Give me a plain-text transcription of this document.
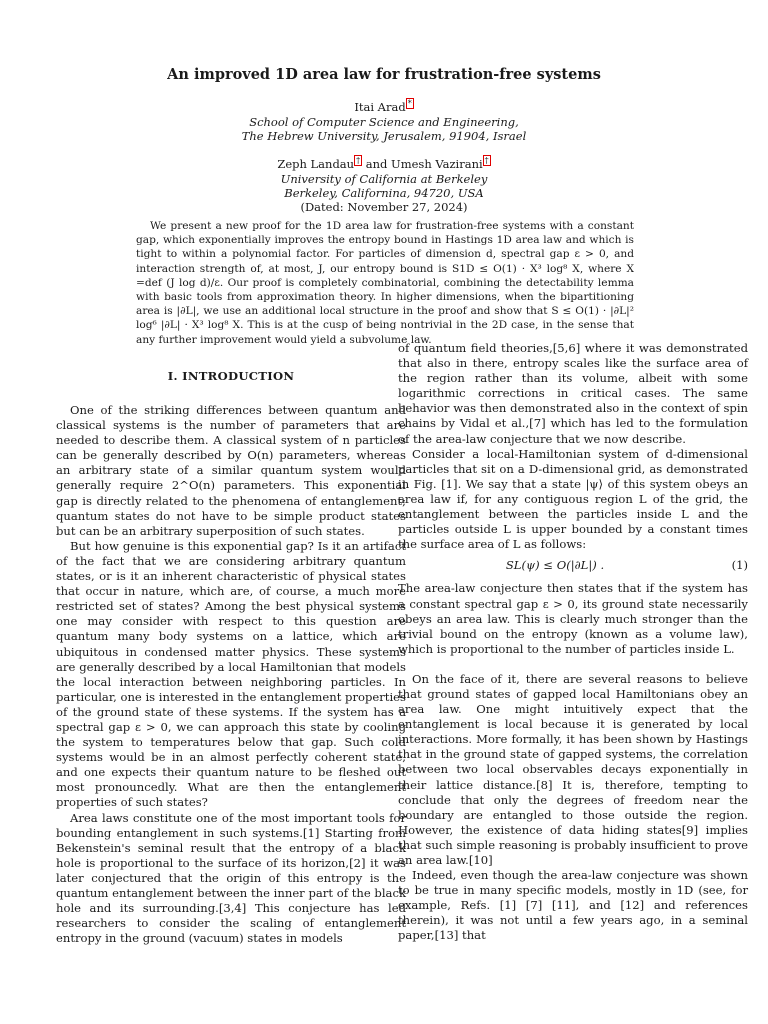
An improved 1D area law for frustration-free systems
Itai Arad *
School of Computer Science and Engineering,
The Hebrew University, Jerusalem, 91904, Israel
Zeph Landau † and Umesh Vazirani †
University of California at Berkeley
Berkeley, Californina, 94720, USA
(Dated: November 27, 2024)
We present a new proof for the 1D area law for frustration-free systems with a constant gap, which exponentially improves the entropy bound in Hastings 1D area law and which is tight to within a polynomial factor. For particles of dimension d, spectral gap ε > 0, and interaction strength of, at most, J, our entropy bound is S1D ≤ O(1) · X³ log⁸ X, where X =def (J log d)/ε. Our proof is completely combinatorial, combining the detectability lemma with basic tools from approximation theory. In higher dimensions, when the bipartitioning area is |∂L|, we use an additional local structure in the proof and show that S ≤ O(1) · |∂L|² log⁶ |∂L| · X³ log⁸ X. This is at the cusp of being nontrivial in the 2D case, in the sense that any further improvement would yield a subvolume law.
I. INTRODUCTION

One of the striking differences between quantum and classical systems is the number of parameters that are needed to describe them. A classical system of n particles can be generally described by O(n) parameters, whereas an arbitrary state of a similar quantum system would generally require 2^O(n) parameters. This exponential gap is directly related to the phenomena of entanglement; quantum states do not have to be simple product states but can be an arbitrary superposition of such states.

But how genuine is this exponential gap? Is it an artifact of the fact that we are considering arbitrary quantum states, or is it an inherent characteristic of physical states that occur in nature, which are, of course, a much more restricted set of states? Among the best physical systems one may consider with respect to this question are quantum many body systems on a lattice, which are ubiquitous in condensed matter physics. These systems are generally described by a local Hamiltonian that models the local interaction between neighboring particles. In particular, one is interested in the entanglement properties of the ground state of these systems. If the system has a spectral gap ε > 0, we can approach this state by cooling the system to temperatures below that gap. Such cold systems would be in an almost perfectly coherent state, and one expects their quantum nature to be fleshed out most pronouncedly. What are then the entanglement properties of such states?

Area laws constitute one of the most important tools for bounding entanglement in such systems.[1] Starting from Bekenstein's seminal result that the entropy of a black hole is proportional to the surface of its horizon,[2] it was later conjectured that the origin of this entropy is the quantum entanglement between the inner part of the black hole and its surrounding.[3,4] This conjecture has led researchers to consider the scaling of entanglement entropy in the ground (vacuum) states in models

of quantum field theories,[5,6] where it was demonstrated that also in there, entropy scales like the surface area of the region rather than its volume, albeit with some logarithmic corrections in critical cases. The same behavior was then demonstrated also in the context of spin chains by Vidal et al.,[7] which has led to the formulation of the area-law conjecture that we now describe.

Consider a local-Hamiltonian system of d-dimensional particles that sit on a D-dimensional grid, as demonstrated in Fig. [1]. We say that a state |ψ⟩ of this system obeys an area law if, for any contiguous region L of the grid, the entanglement between the particles inside L and the particles outside L is upper bounded by a constant times the surface area of L as follows:

SL(ψ) ≤ O(|∂L|) .	(1)

The area-law conjecture then states that if the system has a constant spectral gap ε > 0, its ground state necessarily obeys an area law. This is clearly much stronger than the trivial bound on the entropy (known as a volume law), which is proportional to the number of particles inside L.

On the face of it, there are several reasons to believe that ground states of gapped local Hamiltonians obey an area law. One might intuitively expect that the entanglement is local because it is generated by local interactions. More formally, it has been shown by Hastings that in the ground state of gapped systems, the correlation between two local observables decays exponentially in their lattice distance.[8] It is, therefore, tempting to conclude that only the degrees of freedom near the boundary are entangled to those outside the region. However, the existence of data hiding states[9] implies that such simple reasoning is probably insufficient to prove an area law.[10]

Indeed, even though the area-law conjecture was shown to be true in many specific models, mostly in 1D (see, for example, Refs. [1] [7] [11], and [12] and references therein), it was not until a few years ago, in a seminal paper,[13] that
